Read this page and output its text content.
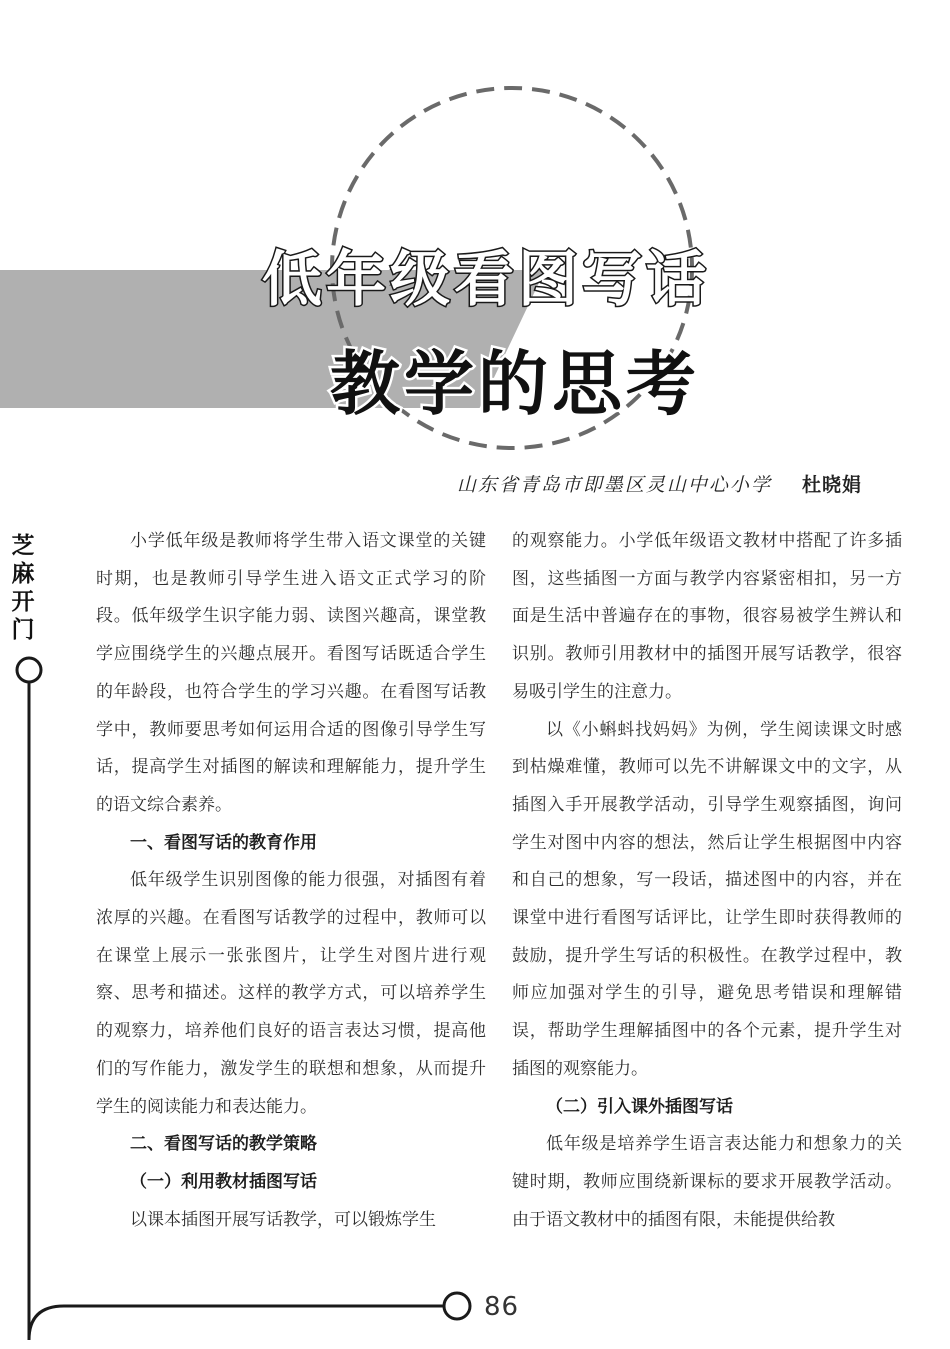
低年级看图写话
教学的思考
山东省青岛市即墨区灵山中心小学 杜晓娟
芝
麻
开
门
86

小学低年级是教师将学生带入语文课堂的关键时期，也是教师引导学生进入语文正式学习的阶段。低年级学生识字能力弱、读图兴趣高，课堂教学应围绕学生的兴趣点展开。看图写话既适合学生的年龄段，也符合学生的学习兴趣。在看图写话教学中，教师要思考如何运用合适的图像引导学生写话，提高学生对插图的解读和理解能力，提升学生的语文综合素养。

一、看图写话的教育作用

低年级学生识别图像的能力很强，对插图有着浓厚的兴趣。在看图写话教学的过程中，教师可以在课堂上展示一张张图片，让学生对图片进行观察、思考和描述。这样的教学方式，可以培养学生的观察力，培养他们良好的语言表达习惯，提高他们的写作能力，激发学生的联想和想象，从而提升学生的阅读能力和表达能力。

二、看图写话的教学策略
（一）利用教材插图写话

以课本插图开展写话教学，可以锻炼学生

的观察能力。小学低年级语文教材中搭配了许多插图，这些插图一方面与教学内容紧密相扣，另一方面是生活中普遍存在的事物，很容易被学生辨认和识别。教师引用教材中的插图开展写话教学，很容易吸引学生的注意力。

以《小蝌蚪找妈妈》为例，学生阅读课文时感到枯燥难懂，教师可以先不讲解课文中的文字，从插图入手开展教学活动，引导学生观察插图，询问学生对图中内容的想法，然后让学生根据图中内容和自己的想象，写一段话，描述图中的内容，并在课堂中进行看图写话评比，让学生即时获得教师的鼓励，提升学生写话的积极性。在教学过程中，教师应加强对学生的引导，避免思考错误和理解错误，帮助学生理解插图中的各个元素，提升学生对插图的观察能力。

（二）引入课外插图写话

低年级是培养学生语言表达能力和想象力的关键时期，教师应围绕新课标的要求开展教学活动。由于语文教材中的插图有限，未能提供给教
